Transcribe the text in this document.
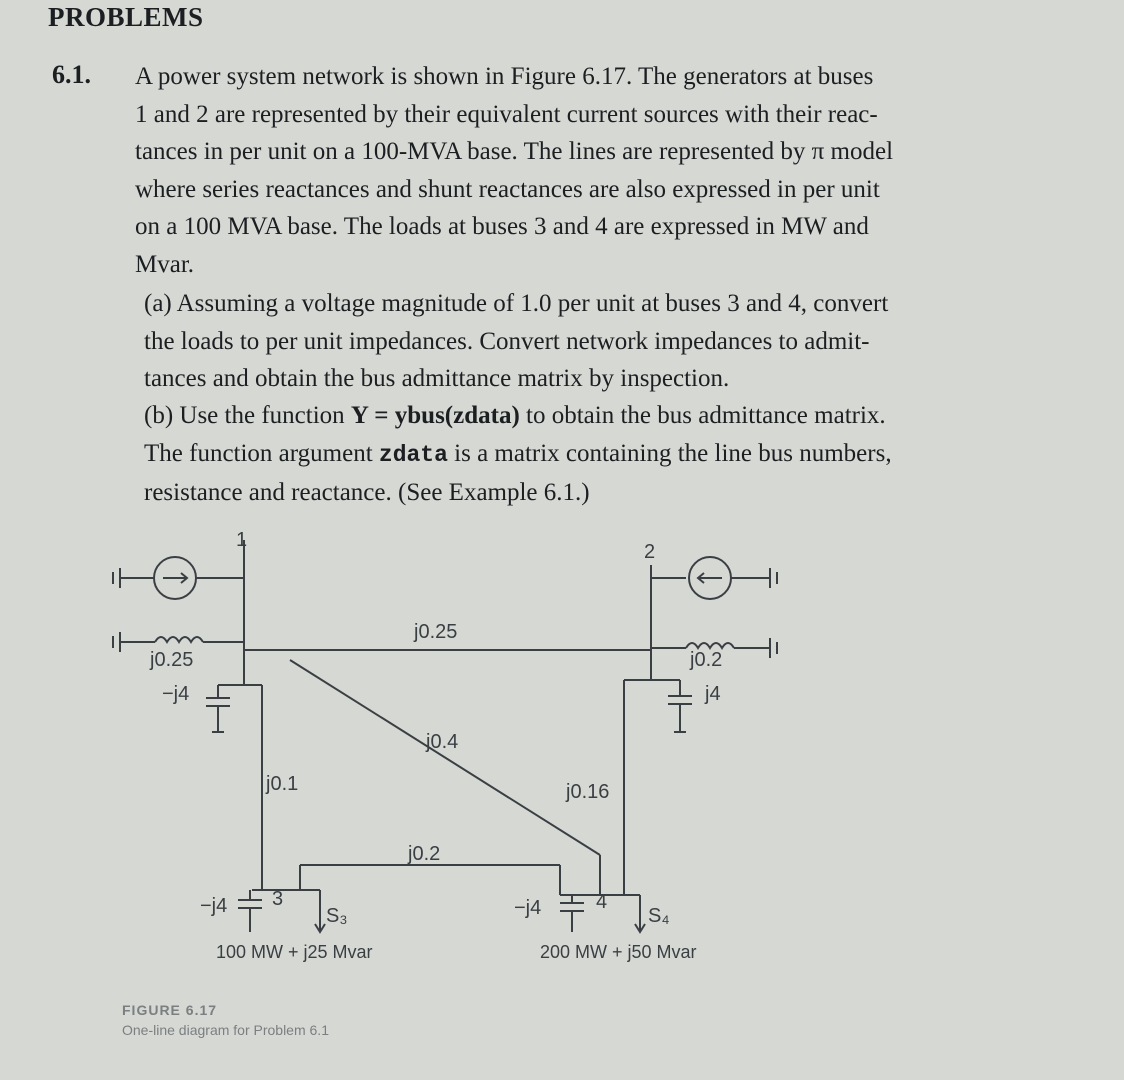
PROBLEMS
6.1. A power system network is shown in Figure 6.17. The generators at buses
1 and 2 are represented by their equivalent current sources with their reac-
tances in per unit on a 100-MVA base. The lines are represented by π model
where series reactances and shunt reactances are also expressed in per unit
on a 100 MVA base. The loads at buses 3 and 4 are expressed in MW and
Mvar.
(a) Assuming a voltage magnitude of 1.0 per unit at buses 3 and 4, convert
the loads to per unit impedances. Convert network impedances to admit-
tances and obtain the bus admittance matrix by inspection.
(b) Use the function Y = ybus(zdata) to obtain the bus admittance matrix.
The function argument zdata is a matrix containing the line bus numbers,
resistance and reactance. (See Example 6.1.)
1
2
3	4
j0.25	j0.2
−j4	j4
j0.25
j0.4
j0.1	j0.16
j0.2
−j4	−j4
S₃	S₄
100 MW + j25 Mvar	200 MW + j50 Mvar
FIGURE 6.17
One-line diagram for Problem 6.1
